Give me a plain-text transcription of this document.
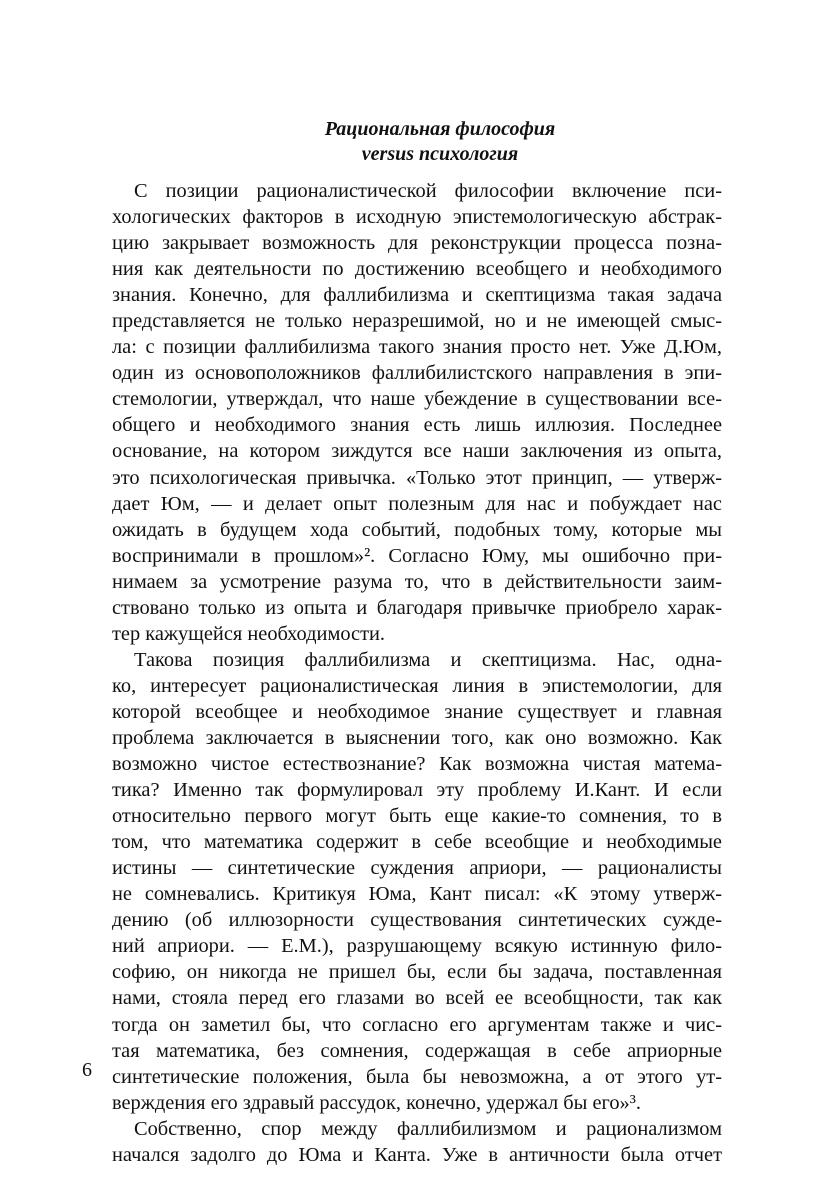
Рациональная философия
versus психология
С позиции рационалистической философии включение пси-
хологических факторов в исходную эпистемологическую абстрак-
цию закрывает возможность для реконструкции процесса позна-
ния как деятельности по достижению всеобщего и необходимого
знания. Конечно, для фаллибилизма и скептицизма такая задача
представляется не только неразрешимой, но и не имеющей смыс-
ла: с позиции фаллибилизма такого знания просто нет. Уже Д.Юм,
один из основоположников фаллибилистского направления в эпи-
стемологии, утверждал, что наше убеждение в существовании все-
общего и необходимого знания есть лишь иллюзия. Последнее
основание, на котором зиждутся все наши заключения из опыта,
это психологическая привычка. «Только этот принцип, — утверж-
дает Юм, — и делает опыт полезным для нас и побуждает нас
ожидать в будущем хода событий, подобных тому, которые мы
воспринимали в прошлом»². Согласно Юму, мы ошибочно при-
нимаем за усмотрение разума то, что в действительности заим-
ствовано только из опыта и благодаря привычке приобрело харак-
тер кажущейся необходимости.
Такова позиция фаллибилизма и скептицизма. Нас, одна-
ко, интересует рационалистическая линия в эпистемологии, для
которой всеобщее и необходимое знание существует и главная
проблема заключается в выяснении того, как оно возможно. Как
возможно чистое естествознание? Как возможна чистая матема-
тика? Именно так формулировал эту проблему И.Кант. И если
относительно первого могут быть еще какие-то сомнения, то в
том, что математика содержит в себе всеобщие и необходимые
истины — синтетические суждения априори, — рационалисты
не сомневались. Критикуя Юма, Кант писал: «К этому утверж-
дению (об иллюзорности существования синтетических сужде-
ний априори. — Е.М.), разрушающему всякую истинную фило-
софию, он никогда не пришел бы, если бы задача, поставленная
нами, стояла перед его глазами во всей ее всеобщности, так как
тогда он заметил бы, что согласно его аргументам также и чис-
тая математика, без сомнения, содержащая в себе априорные
синтетические положения, была бы невозможна, а от этого ут-
верждения его здравый рассудок, конечно, удержал бы его»³.
Собственно, спор между фаллибилизмом и рационализмом
начался задолго до Юма и Канта. Уже в античности была отчет
6
